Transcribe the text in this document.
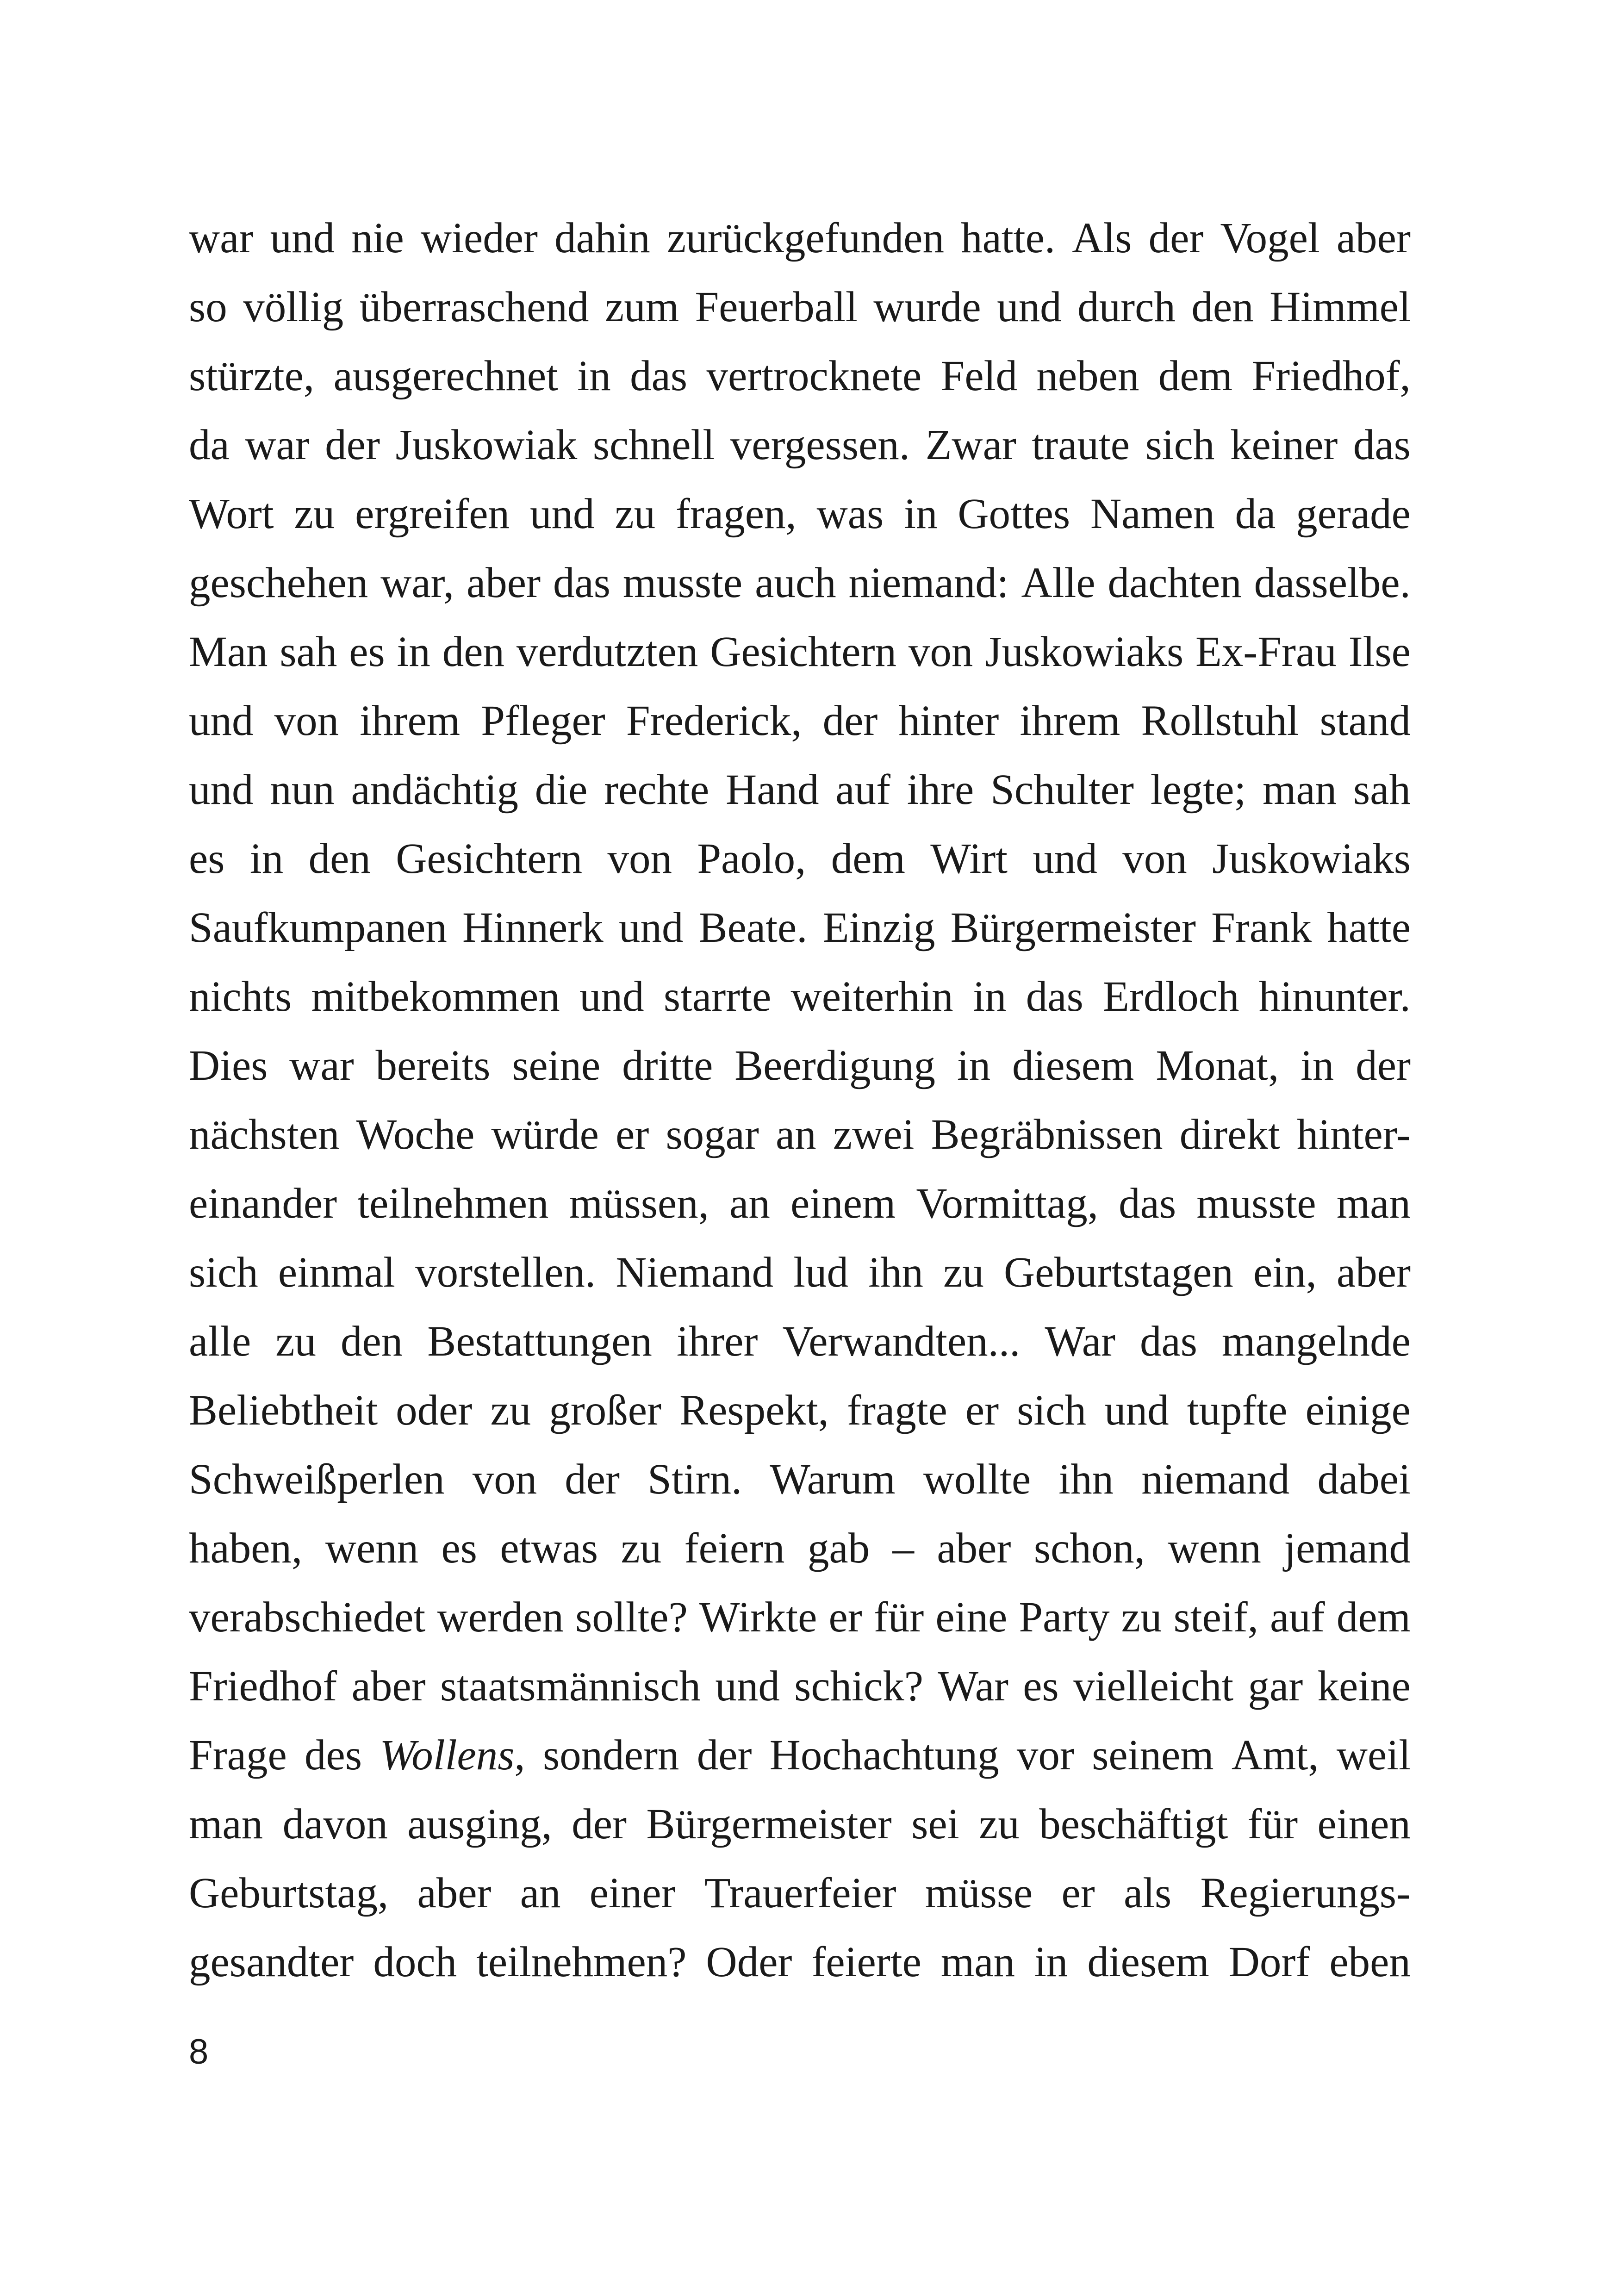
war und nie wieder dahin zurückgefunden hatte. Als der Vogel aber
so völlig überraschend zum Feuerball wurde und durch den Himmel
stürzte, ausgerechnet in das vertrocknete Feld neben dem Friedhof,
da war der Juskowiak schnell vergessen. Zwar traute sich keiner das
Wort zu ergreifen und zu fragen, was in Gottes Namen da gerade
geschehen war, aber das musste auch niemand: Alle dachten dasselbe.
Man sah es in den verdutzten Gesichtern von Juskowiaks Ex-Frau Ilse
und von ihrem Pfleger Frederick, der hinter ihrem Rollstuhl stand
und nun andächtig die rechte Hand auf ihre Schulter legte; man sah
es in den Gesichtern von Paolo, dem Wirt und von Juskowiaks
Saufkumpanen Hinnerk und Beate. Einzig Bürgermeister Frank hatte
nichts mitbekommen und starrte weiterhin in das Erdloch hinunter.
Dies war bereits seine dritte Beerdigung in diesem Monat, in der
nächsten Woche würde er sogar an zwei Begräbnissen direkt hinter-
einander teilnehmen müssen, an einem Vormittag, das musste man
sich einmal vorstellen. Niemand lud ihn zu Geburtstagen ein, aber
alle zu den Bestattungen ihrer Verwandten... War das mangelnde
Beliebtheit oder zu großer Respekt, fragte er sich und tupfte einige
Schweißperlen von der Stirn. Warum wollte ihn niemand dabei
haben, wenn es etwas zu feiern gab – aber schon, wenn jemand
verabschiedet werden sollte? Wirkte er für eine Party zu steif, auf dem
Friedhof aber staatsmännisch und schick? War es vielleicht gar keine
Frage des Wollens, sondern der Hochachtung vor seinem Amt, weil
man davon ausging, der Bürgermeister sei zu beschäftigt für einen
Geburtstag, aber an einer Trauerfeier müsse er als Regierungs-
gesandter doch teilnehmen? Oder feierte man in diesem Dorf eben
8
